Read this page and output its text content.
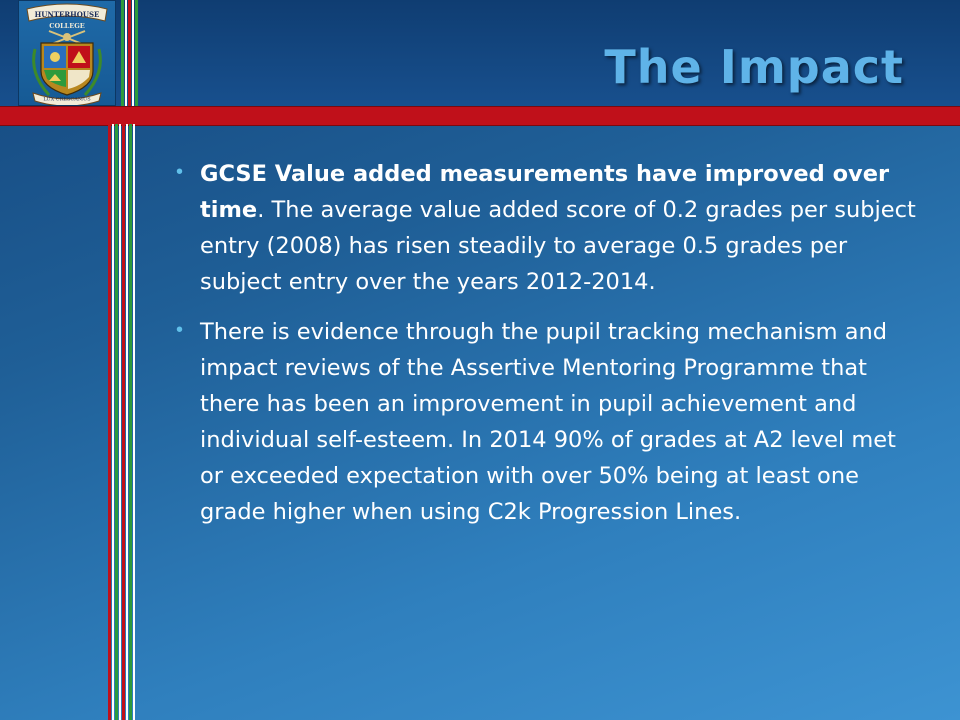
HUNTERHOUSE
COLLEGE
LUX CRESCAMUS
The Impact
• GCSE Value added measurements have improved over time. The average value added score of 0.2 grades per subject entry (2008) has risen steadily to average 0.5 grades per subject entry over the years 2012-2014.
• There is evidence through the pupil tracking mechanism and impact reviews of the Assertive Mentoring Programme that there has been an improvement in pupil achievement and individual self-esteem. In 2014 90% of grades at A2 level met or exceeded expectation with over 50% being at least one grade higher when using C2k Progression Lines.
